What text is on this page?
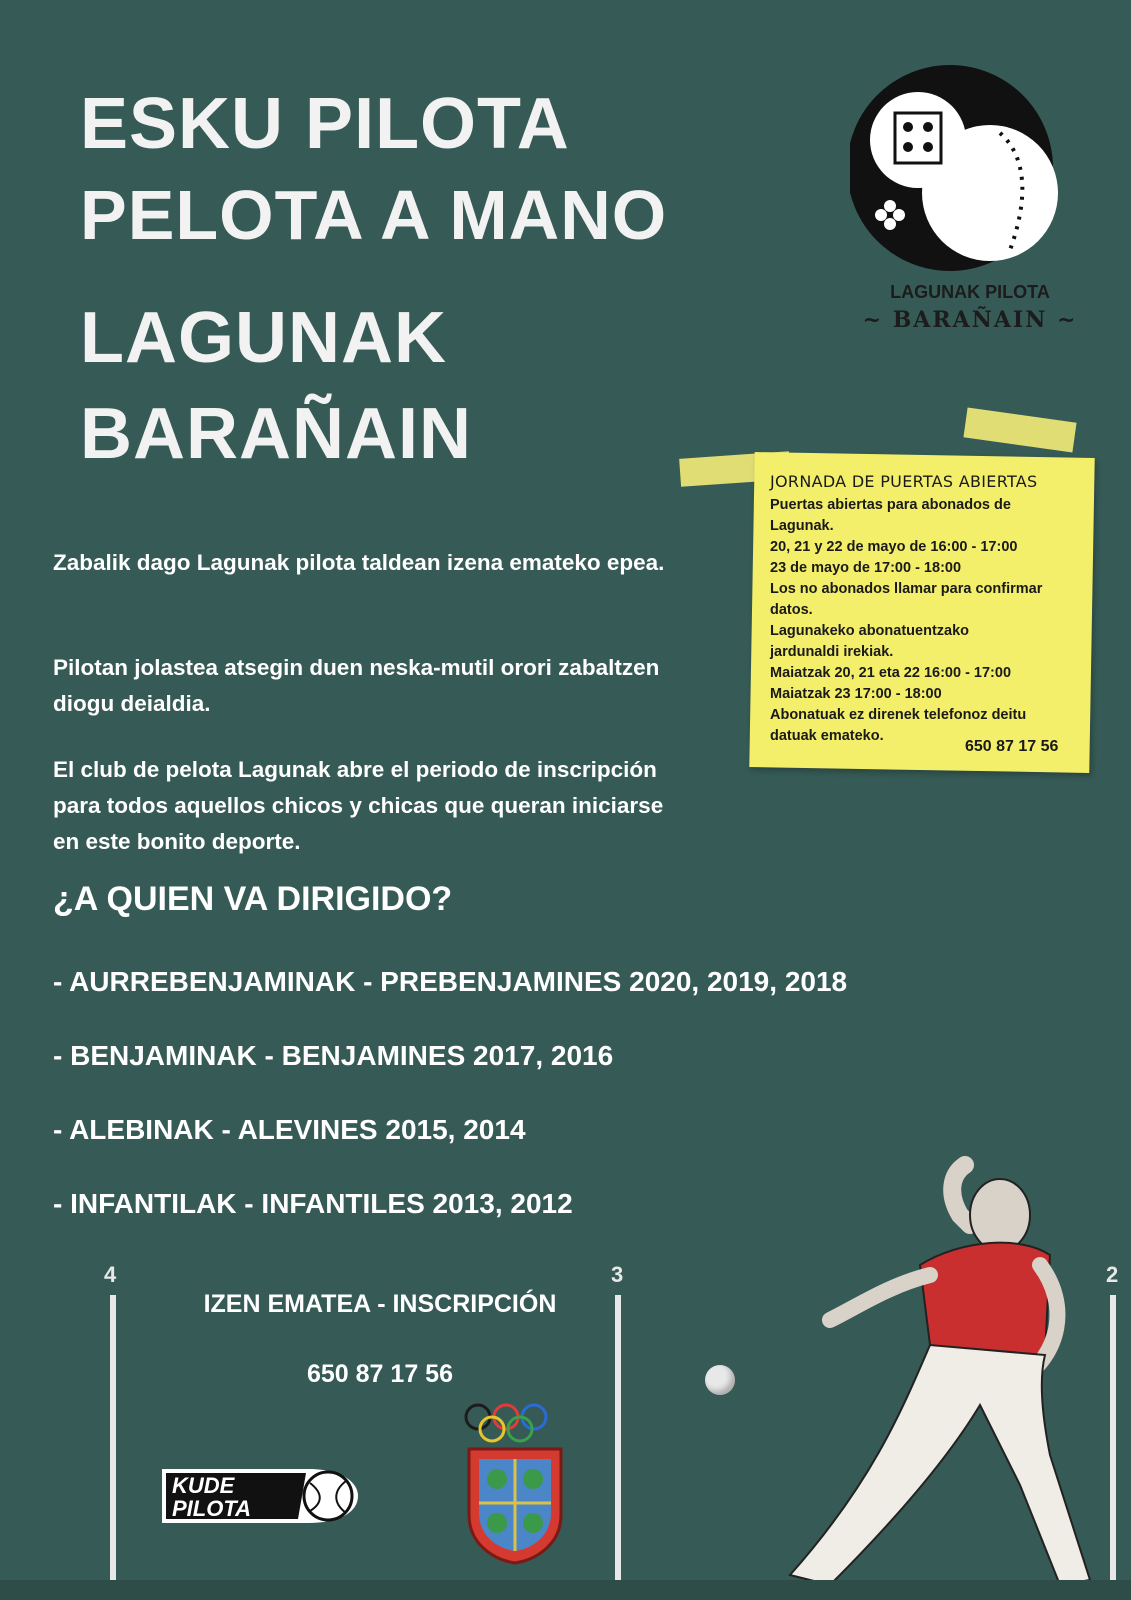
ESKU PILOTA
PELOTA A MANO
LAGUNAK
BARAÑAIN
LAGUNAK PILOTA
~ BARAÑAIN ~
JORNADA DE PUERTAS ABIERTAS
Puertas abiertas para abonados de
Lagunak.
20, 21 y 22 de mayo de 16:00 - 17:00
23 de mayo de 17:00 - 18:00
Los no abonados llamar para confirmar
datos.
Lagunakeko abonatuentzako
jardunaldi irekiak.
Maiatzak 20, 21 eta 22 16:00 - 17:00
Maiatzak 23 17:00 - 18:00
Abonatuak ez direnek telefonoz deitu
datuak emateko.
650 87 17 56

Zabalik dago Lagunak pilota taldean izena emateko epea.

Pilotan jolastea atsegin duen neska-mutil orori zabaltzen diogu deialdia.

El club de pelota Lagunak abre el periodo de inscripción para todos aquellos chicos y chicas que queran iniciarse en este bonito deporte.

¿A QUIEN VA DIRIGIDO?
- AURREBENJAMINAK - PREBENJAMINES 2020, 2019, 2018
- BENJAMINAK - BENJAMINES 2017, 2016
- ALEBINAK - ALEVINES 2015, 2014
- INFANTILAK - INFANTILES 2013, 2012
4	3	2
IZEN EMATEA - INSCRIPCIÓN
650 87 17 56
KUDE
PILOTA
